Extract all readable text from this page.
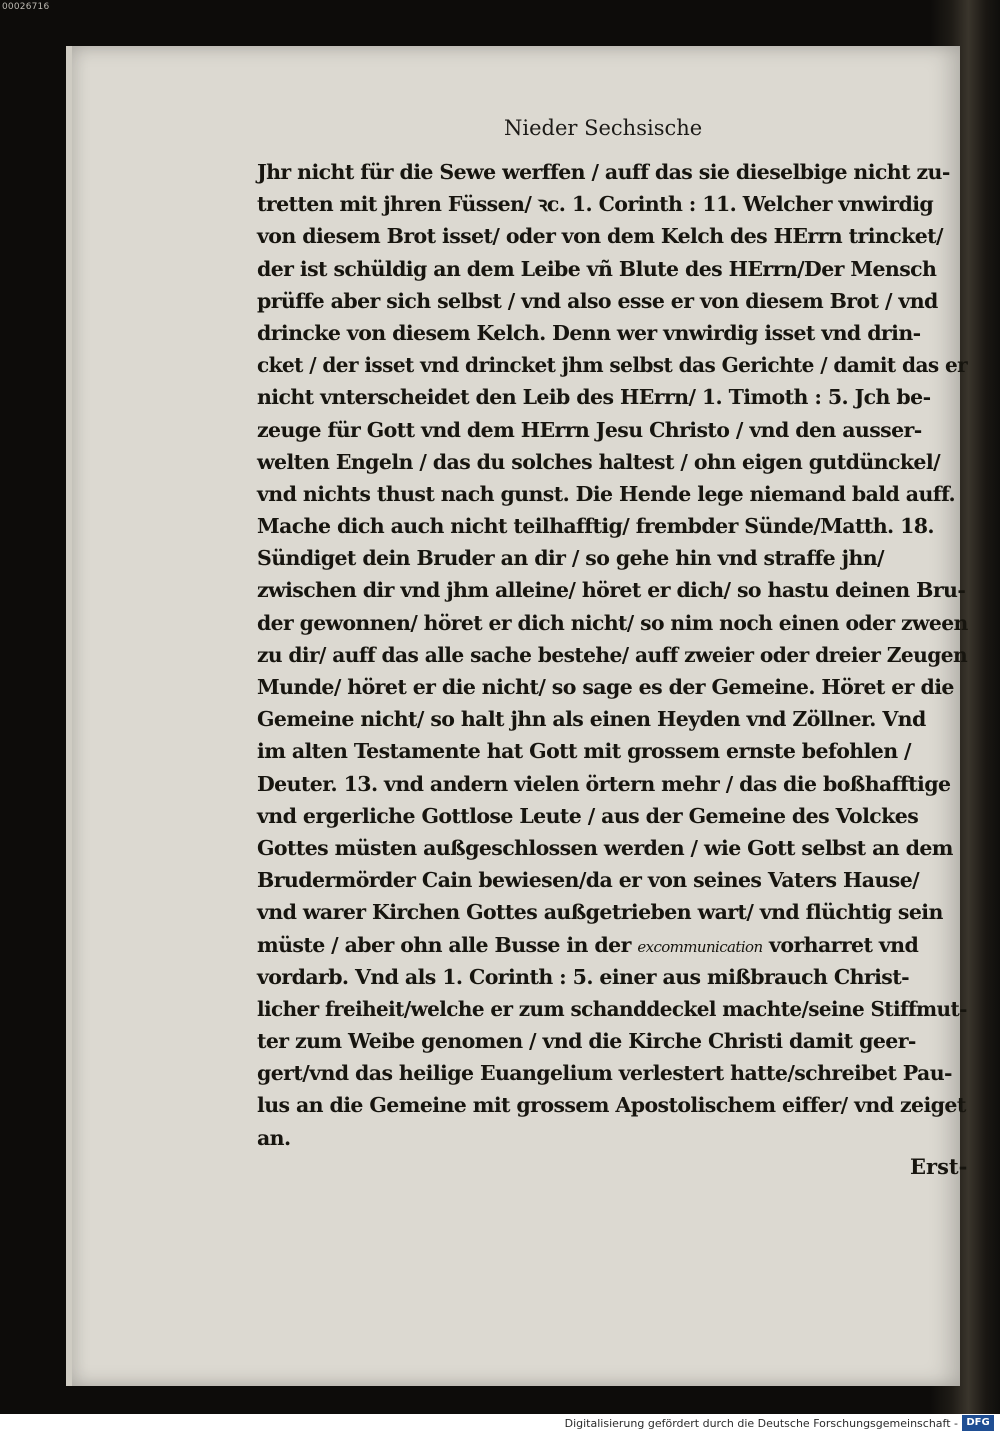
00026716
Nieder Sechsische
Jhr nicht für die Sewe werffen / auff das sie dieselbige nicht zu-
tretten mit jhren Füssen/ ꝛc. 1. Corinth : 11. Welcher vnwirdig
von diesem Brot isset/ oder von dem Kelch des HErrn trincket/
der ist schüldig an dem Leibe vñ Blute des HErrn/Der Mensch
prüffe aber sich selbst / vnd also esse er von diesem Brot / vnd
drincke von diesem Kelch. Denn wer vnwirdig isset vnd drin-
cket / der isset vnd drincket jhm selbst das Gerichte / damit das er
nicht vnterscheidet den Leib des HErrn/ 1. Timoth : 5. Jch be-
zeuge für Gott vnd dem HErrn Jesu Christo / vnd den ausser-
welten Engeln / das du solches haltest / ohn eigen gutdünckel/
vnd nichts thust nach gunst. Die Hende lege niemand bald auff.
Mache dich auch nicht teilhafftig/ frembder Sünde/Matth. 18.
Sündiget dein Bruder an dir / so gehe hin vnd straffe jhn/
zwischen dir vnd jhm alleine/ höret er dich/ so hastu deinen Bru-
der gewonnen/ höret er dich nicht/ so nim noch einen oder zween
zu dir/ auff das alle sache bestehe/ auff zweier oder dreier Zeugen
Munde/ höret er die nicht/ so sage es der Gemeine. Höret er die
Gemeine nicht/ so halt jhn als einen Heyden vnd Zöllner. Vnd
im alten Testamente hat Gott mit grossem ernste befohlen /
Deuter. 13. vnd andern vielen örtern mehr / das die boßhafftige
vnd ergerliche Gottlose Leute / aus der Gemeine des Volckes
Gottes müsten außgeschlossen werden / wie Gott selbst an dem
Brudermörder Cain bewiesen/da er von seines Vaters Hause/
vnd warer Kirchen Gottes außgetrieben wart/ vnd flüchtig sein
müste / aber ohn alle Busse in der excommunication vorharret vnd
vordarb. Vnd als 1. Corinth : 5. einer aus mißbrauch Christ-
licher freiheit/welche er zum schanddeckel machte/seine Stiffmut-
ter zum Weibe genomen / vnd die Kirche Christi damit geer-
gert/vnd das heilige Euangelium verlestert hatte/schreibet Pau-
lus an die Gemeine mit grossem Apostolischem eiffer/ vnd zeiget
an.
Erst-
Digitalisierung gefördert durch die Deutsche Forschungsgemeinschaft - DFG
